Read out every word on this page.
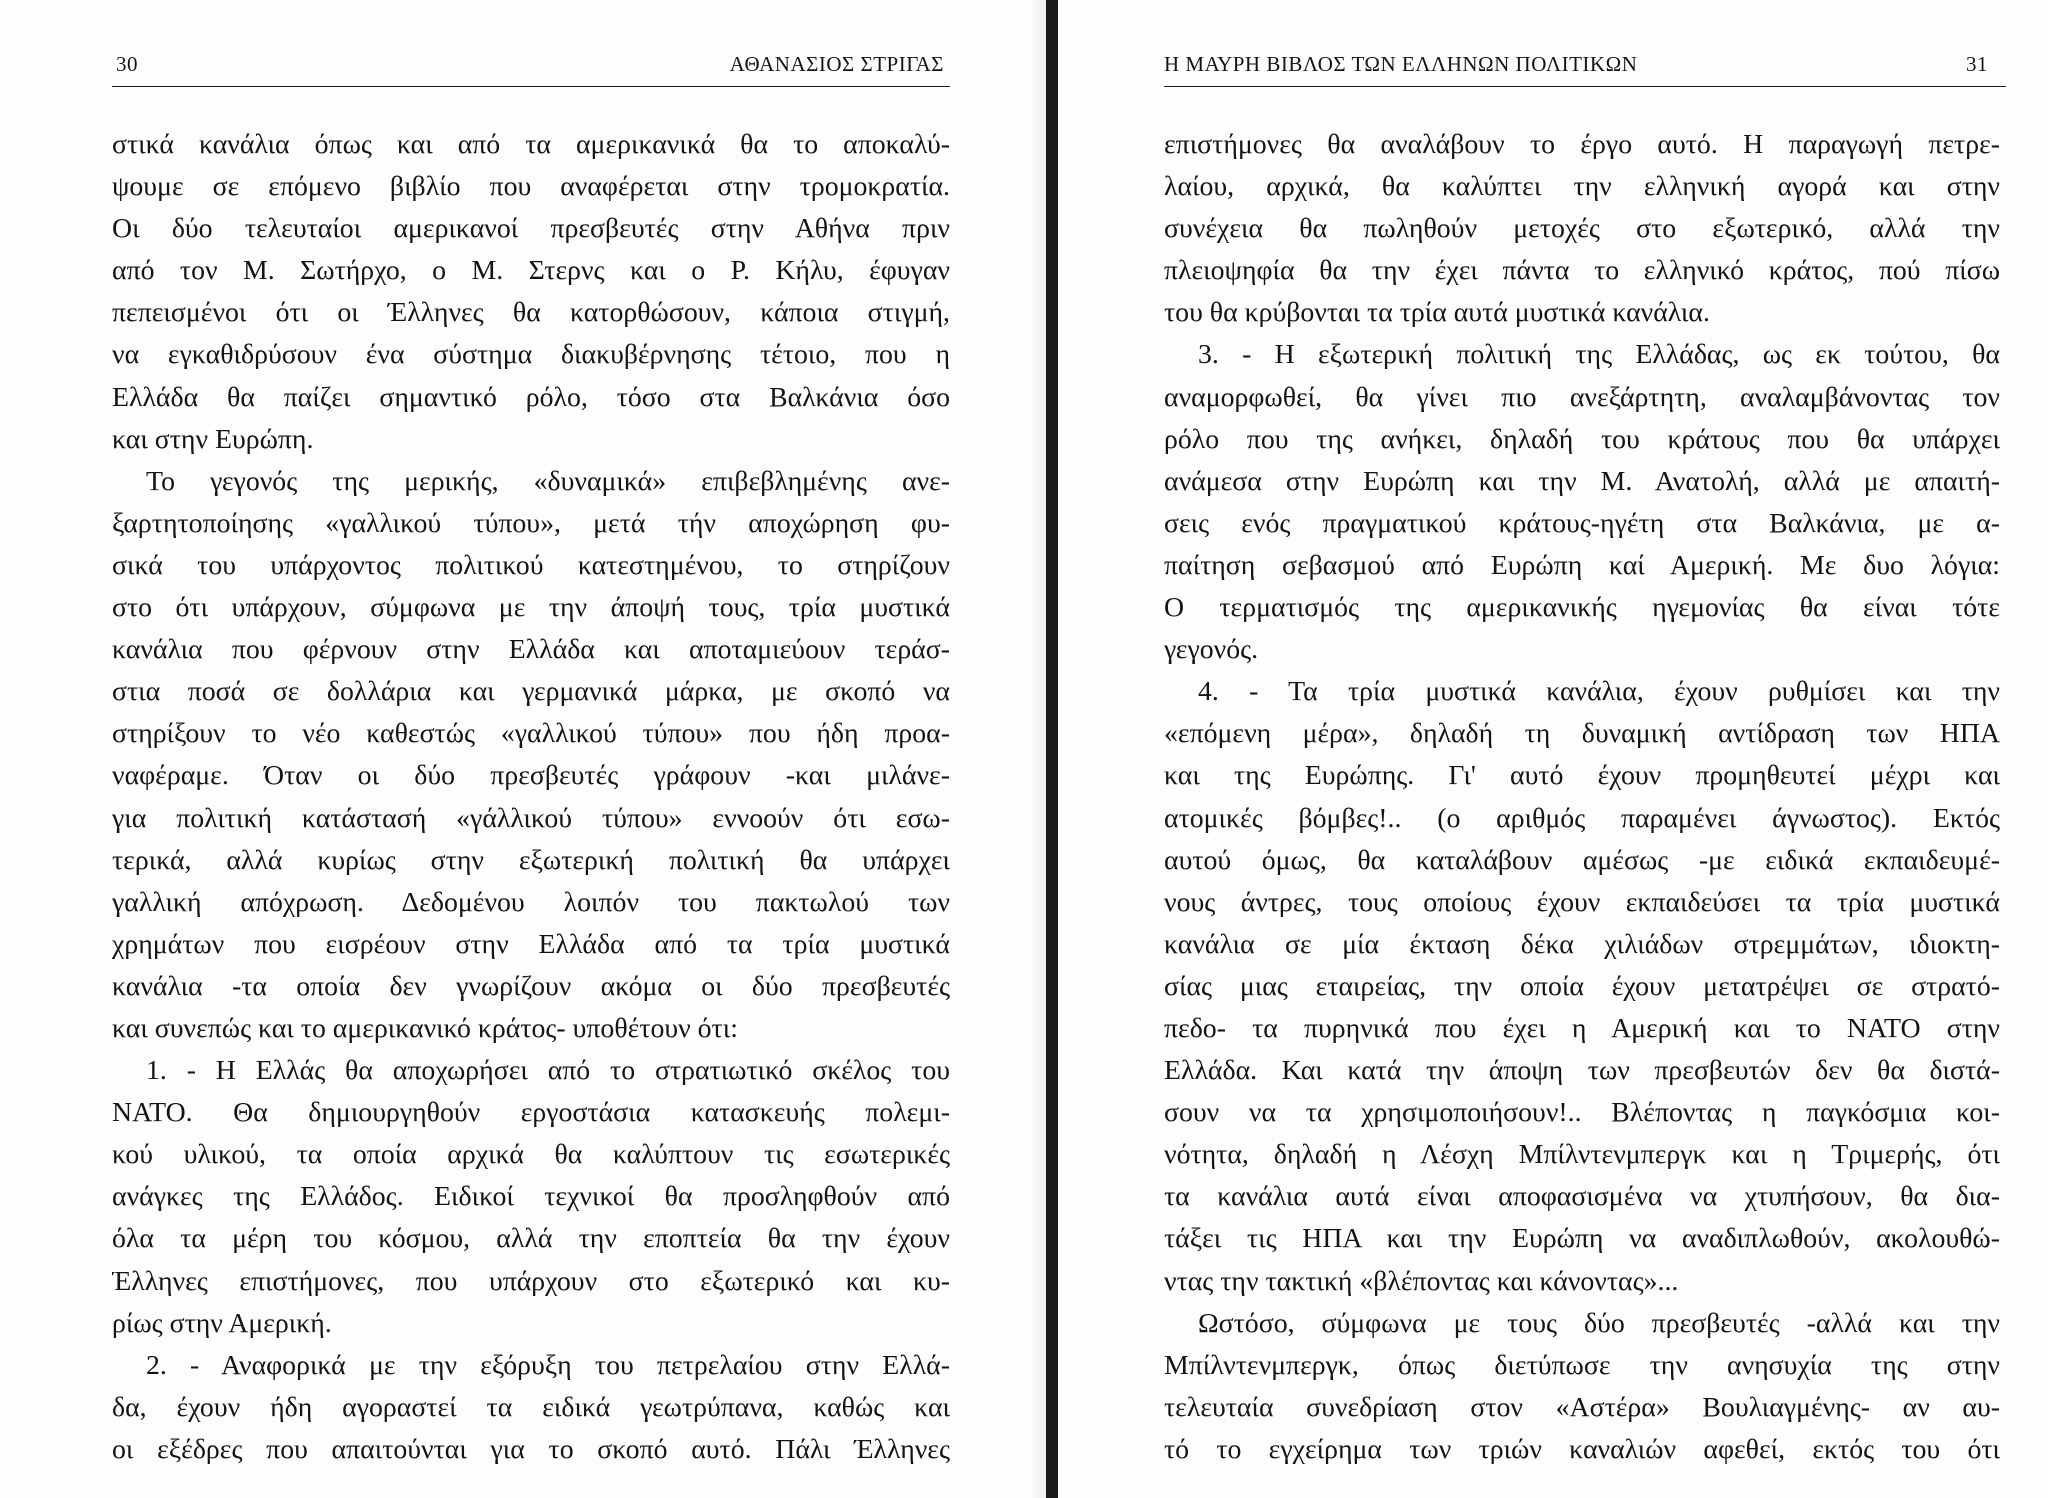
30	ΑΘΑΝΑΣΙΟΣ ΣΤΡΙΓΑΣ
στικά κανάλια όπως και από τα αμερικανικά θα το αποκαλύ-
ψουμε σε επόμενο βιβλίο που αναφέρεται στην τρομοκρατία.
Οι δύο τελευταίοι αμερικανοί πρεσβευτές στην Αθήνα πριν
από τον Μ. Σωτήρχο, ο Μ. Στερνς και ο Ρ. Κήλυ, έφυγαν
πεπεισμένοι ότι οι Έλληνες θα κατορθώσουν, κάποια στιγμή,
να εγκαθιδρύσουν ένα σύστημα διακυβέρνησης τέτοιο, που η
Ελλάδα θα παίζει σημαντικό ρόλο, τόσο στα Βαλκάνια όσο
και στην Ευρώπη.
Το γεγονός της μερικής, «δυναμικά» επιβεβλημένης ανε-
ξαρτητοποίησης «γαλλικού τύπου», μετά τήν αποχώρηση φυ-
σικά του υπάρχοντος πολιτικού κατεστημένου, το στηρίζουν
στο ότι υπάρχουν, σύμφωνα με την άποψή τους, τρία μυστικά
κανάλια που φέρνουν στην Ελλάδα και αποταμιεύουν τεράσ-
στια ποσά σε δολλάρια και γερμανικά μάρκα, με σκοπό να
στηρίξουν το νέο καθεστώς «γαλλικού τύπου» που ήδη προα-
ναφέραμε. Όταν οι δύο πρεσβευτές γράφουν -και μιλάνε-
για πολιτική κατάστασή «γάλλικού τύπου» εννοούν ότι εσω-
τερικά, αλλά κυρίως στην εξωτερική πολιτική θα υπάρχει
γαλλική απόχρωση. Δεδομένου λοιπόν του πακτωλού των
χρημάτων που εισρέουν στην Ελλάδα από τα τρία μυστικά
κανάλια -τα οποία δεν γνωρίζουν ακόμα οι δύο πρεσβευτές
και συνεπώς και το αμερικανικό κράτος- υποθέτουν ότι:
1. - Η Ελλάς θα αποχωρήσει από το στρατιωτικό σκέλος του
ΝΑΤΟ. Θα δημιουργηθούν εργοστάσια κατασκευής πολεμι-
κού υλικού, τα οποία αρχικά θα καλύπτουν τις εσωτερικές
ανάγκες της Ελλάδος. Ειδικοί τεχνικοί θα προσληφθούν από
όλα τα μέρη του κόσμου, αλλά την εποπτεία θα την έχουν
Έλληνες επιστήμονες, που υπάρχουν στο εξωτερικό και κυ-
ρίως στην Αμερική.
2. - Αναφορικά με την εξόρυξη του πετρελαίου στην Ελλά-
δα, έχουν ήδη αγοραστεί τα ειδικά γεωτρύπανα, καθώς και
οι εξέδρες που απαιτούνται για το σκοπό αυτό. Πάλι Έλληνες
Η ΜΑΥΡΗ ΒΙΒΛΟΣ ΤΩΝ ΕΛΛΗΝΩΝ ΠΟΛΙΤΙΚΩΝ	31
επιστήμονες θα αναλάβουν το έργο αυτό. Η παραγωγή πετρε-
λαίου, αρχικά, θα καλύπτει την ελληνική αγορά και στην
συνέχεια θα πωληθούν μετοχές στο εξωτερικό, αλλά την
πλειοψηφία θα την έχει πάντα το ελληνικό κράτος, πού πίσω
του θα κρύβονται τα τρία αυτά μυστικά κανάλια.
3. - Η εξωτερική πολιτική της Ελλάδας, ως εκ τούτου, θα
αναμορφωθεί, θα γίνει πιο ανεξάρτητη, αναλαμβάνοντας τον
ρόλο που της ανήκει, δηλαδή του κράτους που θα υπάρχει
ανάμεσα στην Ευρώπη και την Μ. Ανατολή, αλλά με απαιτή-
σεις ενός πραγματικού κράτους-ηγέτη στα Βαλκάνια, με α-
παίτηση σεβασμού από Ευρώπη καί Αμερική. Με δυο λόγια:
Ο τερματισμός της αμερικανικής ηγεμονίας θα είναι τότε
γεγονός.
4. - Τα τρία μυστικά κανάλια, έχουν ρυθμίσει και την
«επόμενη μέρα», δηλαδή τη δυναμική αντίδραση των ΗΠΑ
και της Ευρώπης. Γι' αυτό έχουν προμηθευτεί μέχρι και
ατομικές βόμβες!.. (ο αριθμός παραμένει άγνωστος). Εκτός
αυτού όμως, θα καταλάβουν αμέσως -με ειδικά εκπαιδευμέ-
νους άντρες, τους οποίους έχουν εκπαιδεύσει τα τρία μυστικά
κανάλια σε μία έκταση δέκα χιλιάδων στρεμμάτων, ιδιοκτη-
σίας μιας εταιρείας, την οποία έχουν μετατρέψει σε στρατό-
πεδο- τα πυρηνικά που έχει η Αμερική και το ΝΑΤΟ στην
Ελλάδα. Και κατά την άποψη των πρεσβευτών δεν θα διστά-
σουν να τα χρησιμοποιήσουν!.. Βλέποντας η παγκόσμια κοι-
νότητα, δηλαδή η Λέσχη Μπίλντενμπεργκ και η Τριμερής, ότι
τα κανάλια αυτά είναι αποφασισμένα να χτυπήσουν, θα δια-
τάξει τις ΗΠΑ και την Ευρώπη να αναδιπλωθούν, ακολουθώ-
ντας την τακτική «βλέποντας και κάνοντας»...
Ωστόσο, σύμφωνα με τους δύο πρεσβευτές -αλλά και την
Μπίλντενμπεργκ, όπως διετύπωσε την ανησυχία της στην
τελευταία συνεδρίαση στον «Αστέρα» Βουλιαγμένης- αν αυ-
τό το εγχείρημα των τριών καναλιών αφεθεί, εκτός του ότι
